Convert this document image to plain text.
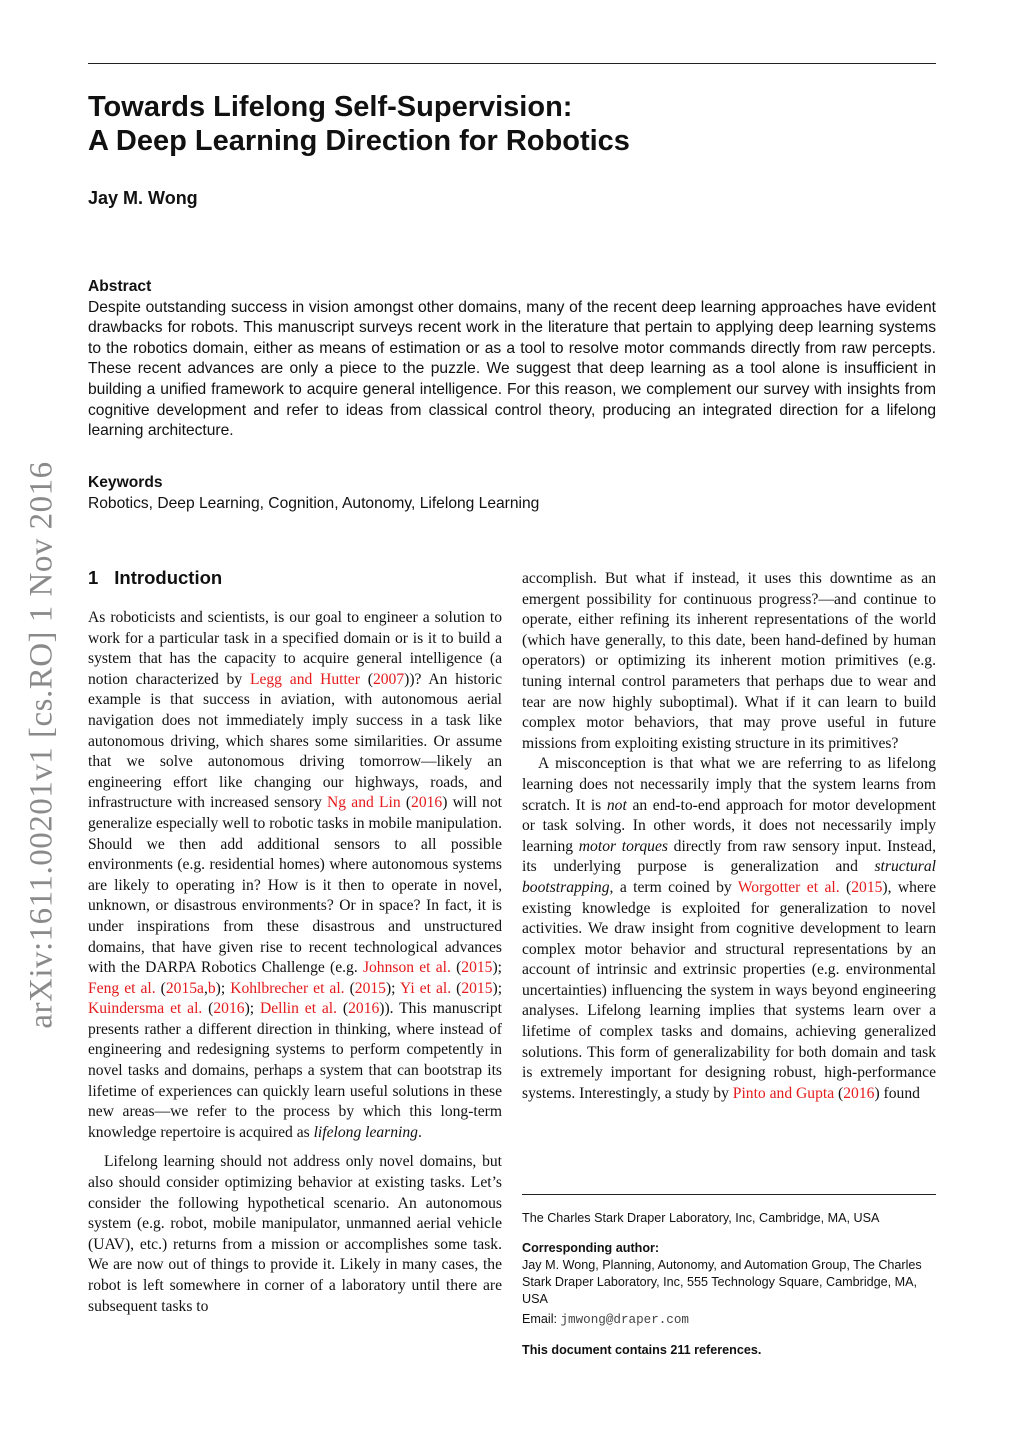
Towards Lifelong Self-Supervision:
A Deep Learning Direction for Robotics
Jay M. Wong
Abstract

Despite outstanding success in vision amongst other domains, many of the recent deep learning approaches have evident drawbacks for robots. This manuscript surveys recent work in the literature that pertain to applying deep learning systems to the robotics domain, either as means of estimation or as a tool to resolve motor commands directly from raw percepts. These recent advances are only a piece to the puzzle. We suggest that deep learning as a tool alone is insufficient in building a unified framework to acquire general intelligence. For this reason, we complement our survey with insights from cognitive development and refer to ideas from classical control theory, producing an integrated direction for a lifelong learning architecture.

Keywords

Robotics, Deep Learning, Cognition, Autonomy, Lifelong Learning

arXiv:1611.00201v1 [cs.RO] 1 Nov 2016 1 Introduction

As roboticists and scientists, is our goal to engineer a solution to work for a particular task in a specified domain or is it to build a system that has the capacity to acquire general intelligence (a notion characterized by Legg and Hutter (2007))? An historic example is that success in aviation, with autonomous aerial navigation does not immediately imply success in a task like autonomous driving, which shares some similarities. Or assume that we solve autonomous driving tomorrow—likely an engineering effort like changing our highways, roads, and infrastructure with increased sensory Ng and Lin (2016) will not generalize especially well to robotic tasks in mobile manipulation. Should we then add additional sensors to all possible environments (e.g. residential homes) where autonomous systems are likely to operating in? How is it then to operate in novel, unknown, or disastrous environments? Or in space? In fact, it is under inspirations from these disastrous and unstructured domains, that have given rise to recent technological advances with the DARPA Robotics Challenge (e.g. Johnson et al. (2015); Feng et al. (2015a,b); Kohlbrecher et al. (2015); Yi et al. (2015); Kuindersma et al. (2016); Dellin et al. (2016)). This manuscript presents rather a different direction in thinking, where instead of engineering and redesigning systems to perform competently in novel tasks and domains, perhaps a system that can bootstrap its lifetime of experiences can quickly learn useful solutions in these new areas—we refer to the process by which this long-term knowledge repertoire is acquired as lifelong learning.

Lifelong learning should not address only novel domains, but also should consider optimizing behavior at existing tasks. Let’s consider the following hypothetical scenario. An autonomous system (e.g. robot, mobile manipulator, unmanned aerial vehicle (UAV), etc.) returns from a mission or accomplishes some task. We are now out of things to provide it. Likely in many cases, the robot is left somewhere in corner of a laboratory until there are subsequent tasks to

accomplish. But what if instead, it uses this downtime as an emergent possibility for continuous progress?—and continue to operate, either refining its inherent representations of the world (which have generally, to this date, been hand-defined by human operators) or optimizing its inherent motion primitives (e.g. tuning internal control parameters that perhaps due to wear and tear are now highly suboptimal). What if it can learn to build complex motor behaviors, that may prove useful in future missions from exploiting existing structure in its primitives?

A misconception is that what we are referring to as lifelong learning does not necessarily imply that the system learns from scratch. It is not an end-to-end approach for motor development or task solving. In other words, it does not necessarily imply learning motor torques directly from raw sensory input. Instead, its underlying purpose is generalization and structural bootstrapping, a term coined by Worgotter et al. (2015), where existing knowledge is exploited for generalization to novel activities. We draw insight from cognitive development to learn complex motor behavior and structural representations by an account of intrinsic and extrinsic properties (e.g. environmental uncertainties) influencing the system in ways beyond engineering analyses. Lifelong learning implies that systems learn over a lifetime of complex tasks and domains, achieving generalized solutions. This form of generalizability for both domain and task is extremely important for designing robust, high-performance systems. Interestingly, a study by Pinto and Gupta (2016) found

The Charles Stark Draper Laboratory, Inc, Cambridge, MA, USA

Corresponding author:

Jay M. Wong, Planning, Autonomy, and Automation Group, The Charles Stark Draper Laboratory, Inc, 555 Technology Square, Cambridge, MA, USA

Email: jmwong@draper.com

This document contains 211 references.
